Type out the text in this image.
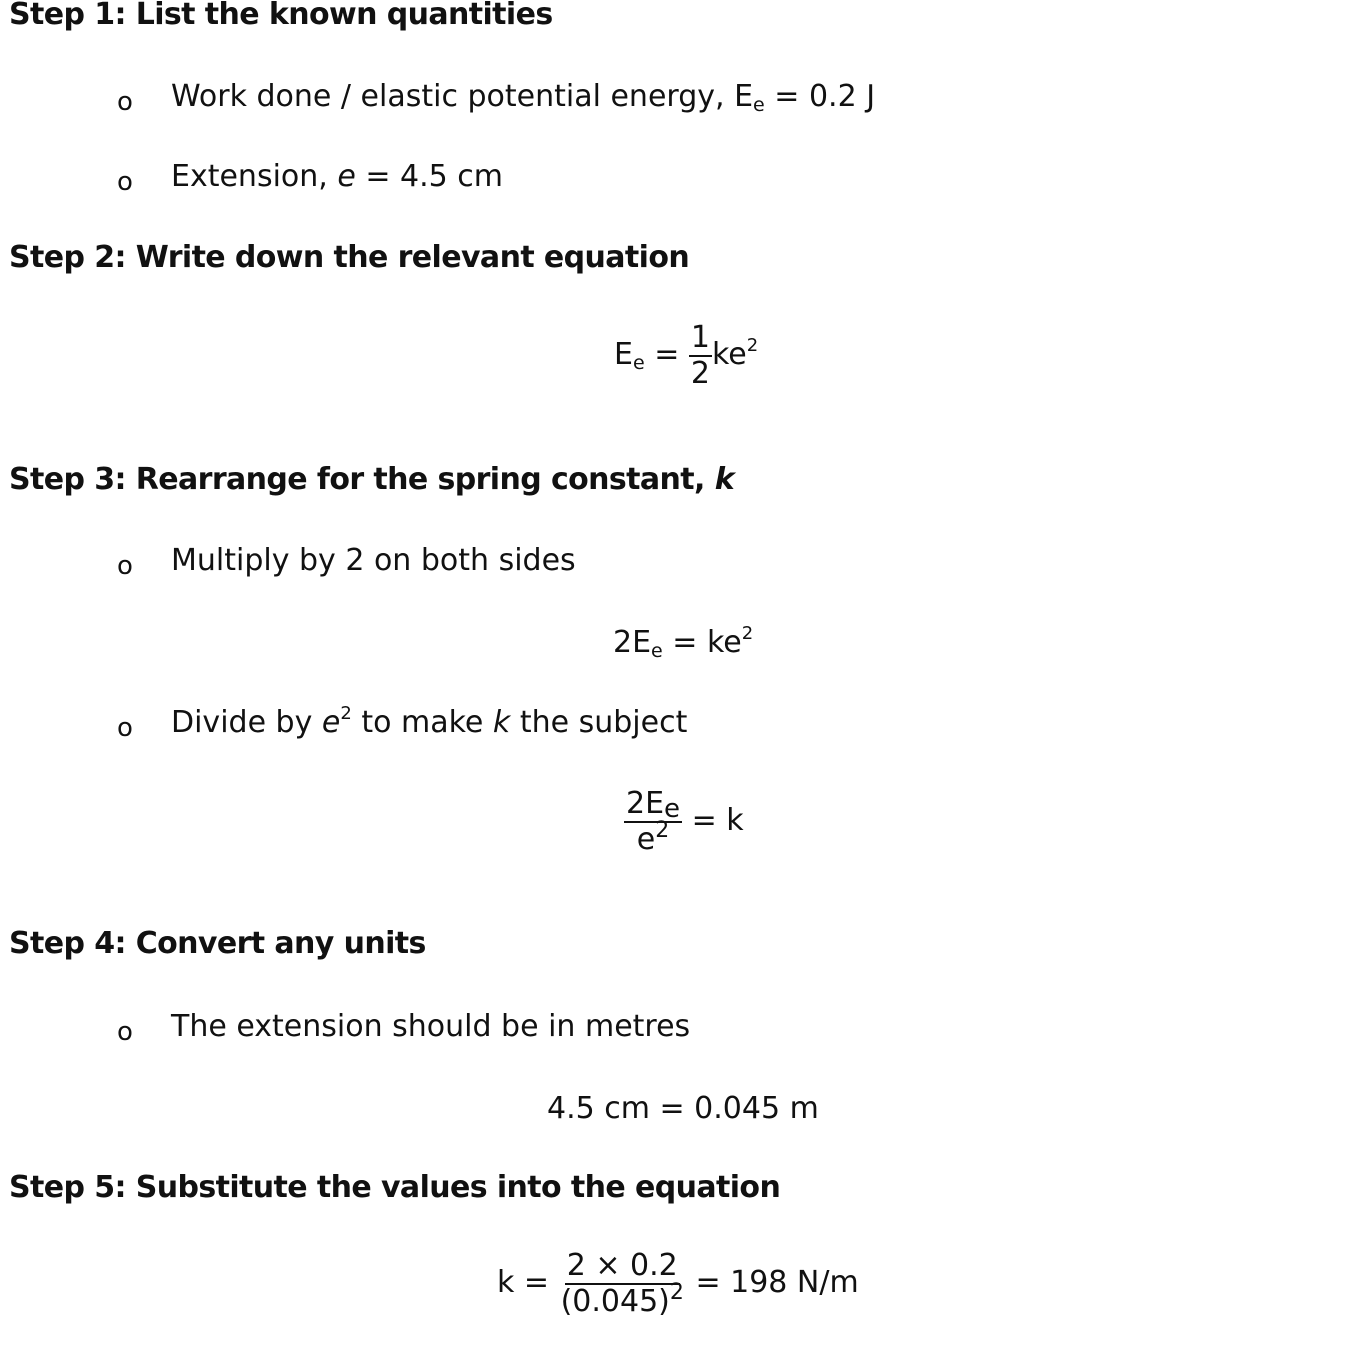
Step 1: List the known quantities
o Work done / elastic potential energy, Ee = 0.2 J
o Extension, e = 4.5 cm
Step 2: Write down the relevant equation
$Ee = \frac{1}{2} ke^2$
Step 3: Rearrange for the spring constant, k
o Multiply by 2 on both sides
$2Ee = ke^2$
o Divide by $e^2$ to make k the subject
$\frac{2Ee}{e^2} = k$
Step 4: Convert any units
o The extension should be in metres
4.5 cm = 0.045 m
Step 5: Substitute the values into the equation
$k = \frac{2 \times 0.2}{(0.045)^2} = 198$ N/m
